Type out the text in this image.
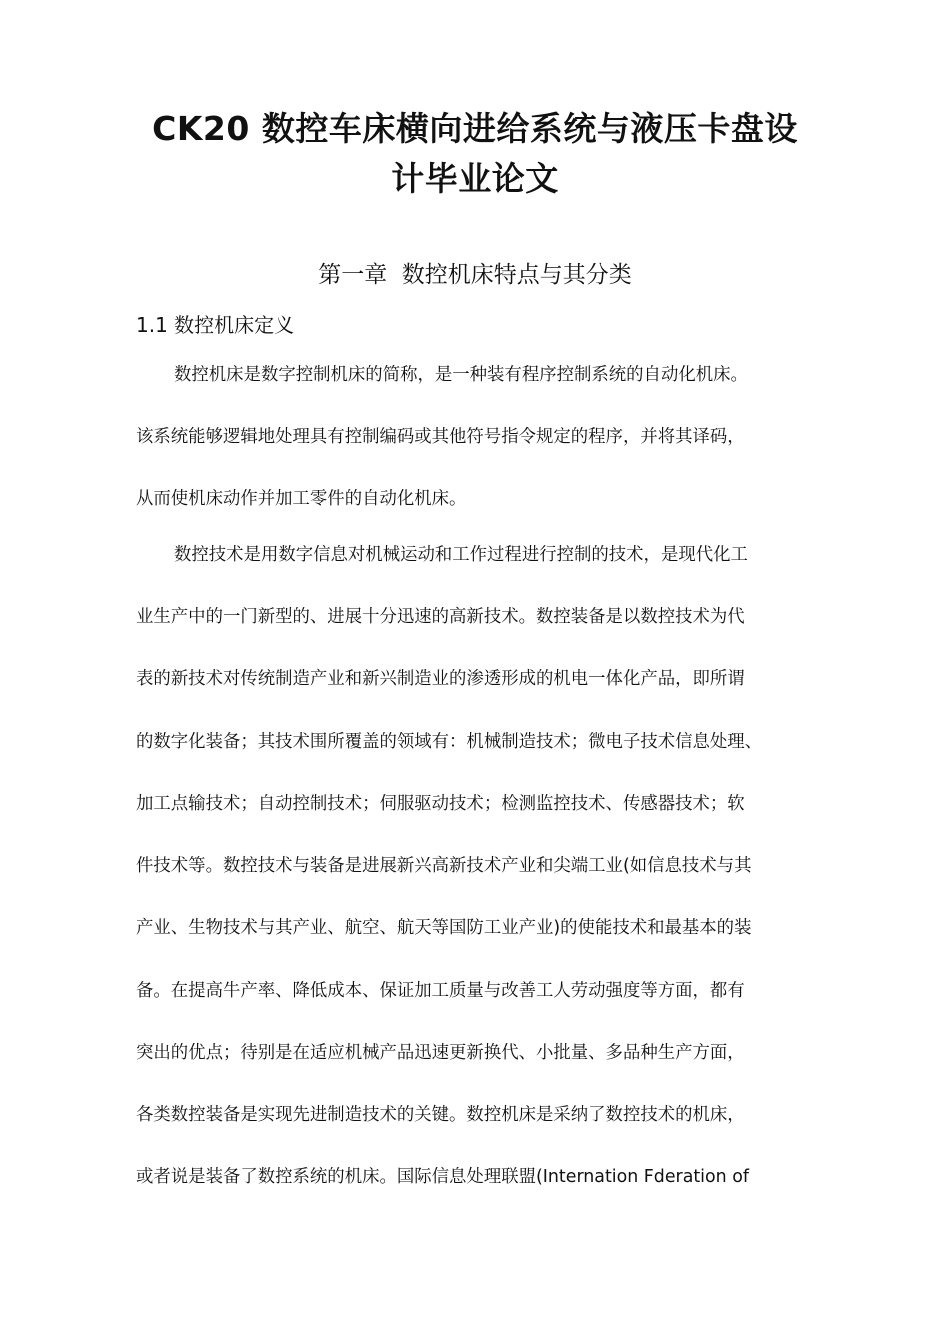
CK20 数控车床横向进给系统与液压卡盘设
计毕业论文
第一章  数控机床特点与其分类
1.1 数控机床定义

数控机床是数字控制机床的简称，是一种装有程序控制系统的自动化机床。

该系统能够逻辑地处理具有控制编码或其他符号指令规定的程序，并将其译码，

从而使机床动作并加工零件的自动化机床。

数控技术是用数字信息对机械运动和工作过程进行控制的技术，是现代化工

业生产中的一门新型的、进展十分迅速的高新技术。数控装备是以数控技术为代

表的新技术对传统制造产业和新兴制造业的渗透形成的机电一体化产品，即所谓

的数字化装备；其技术围所覆盖的领域有：机械制造技术；微电子技术信息处理、

加工点输技术；自动控制技术；伺服驱动技术；检测监控技术、传感器技术；软

件技术等。数控技术与装备是进展新兴高新技术产业和尖端工业(如信息技术与其

产业、生物技术与其产业、航空、航天等国防工业产业)的使能技术和最基本的装

备。在提高牛产率、降低成本、保证加工质量与改善工人劳动强度等方面，都有

突出的优点；待别是在适应机械产品迅速更新换代、小批量、多品种生产方面，

各类数控装备是实现先进制造技术的关键。数控机床是采纳了数控技术的机床，

或者说是装备了数控系统的机床。国际信息处理联盟(Internation Fderation of
